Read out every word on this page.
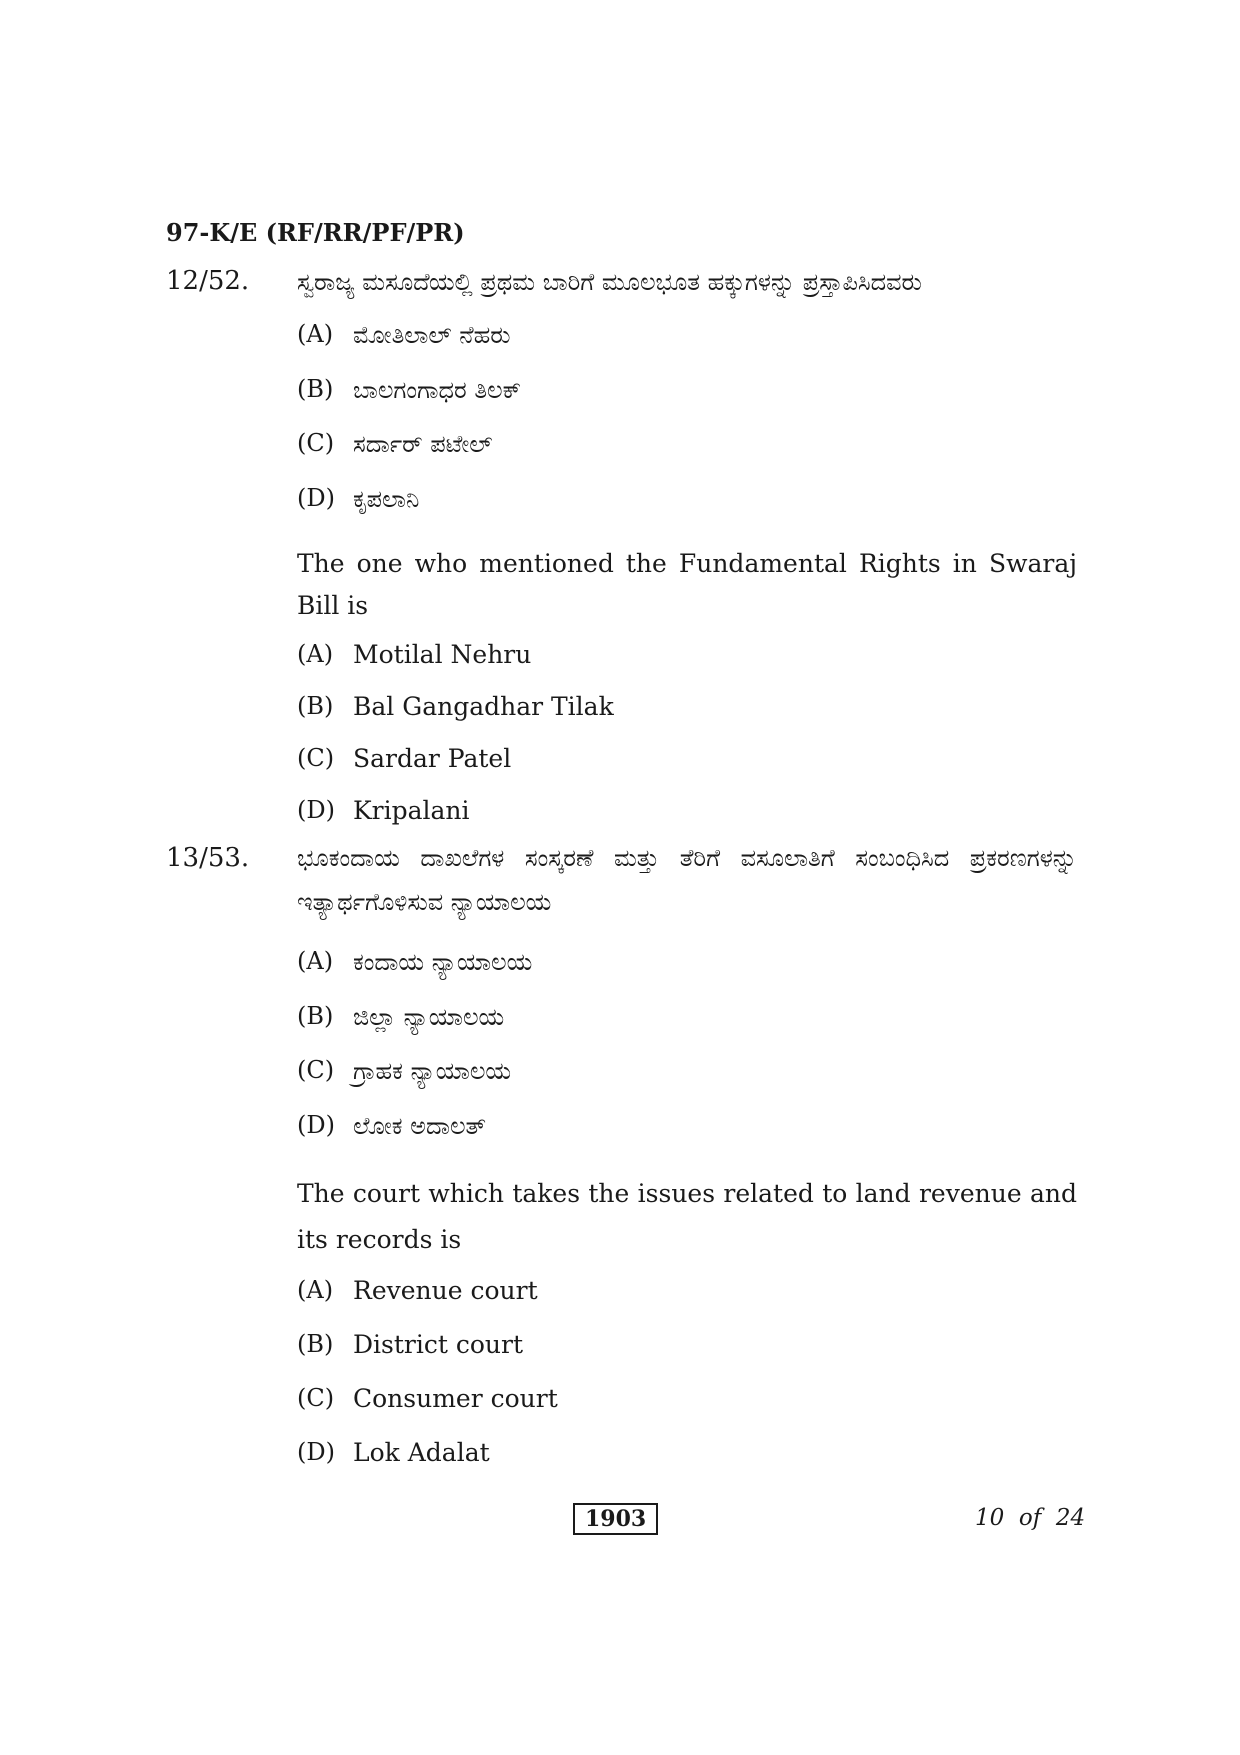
97-K/E (RF/RR/PF/PR)
12/52. ಸ್ವರಾಜ್ಯ ಮಸೂದೆಯಲ್ಲಿ ಪ್ರಥಮ ಬಾರಿಗೆ ಮೂಲಭೂತ ಹಕ್ಕುಗಳನ್ನು ಪ್ರಸ್ತಾಪಿಸಿದವರು
(A) ಮೋತಿಲಾಲ್ ನೆಹರು
(B) ಬಾಲಗಂಗಾಧರ ತಿಲಕ್
(C) ಸರ್ದಾರ್ ಪಟೇಲ್
(D) ಕೃಪಲಾನಿ
The one who mentioned the Fundamental Rights in Swaraj Bill is
(A) Motilal Nehru
(B) Bal Gangadhar Tilak
(C) Sardar Patel
(D) Kripalani
13/53. ಭೂಕಂದಾಯ ದಾಖಲೆಗಳ ಸಂಸ್ಕರಣೆ ಮತ್ತು ತೆರಿಗೆ ವಸೂಲಾತಿಗೆ ಸಂಬಂಧಿಸಿದ ಪ್ರಕರಣಗಳನ್ನು ಇತ್ಯಾರ್ಥಗೊಳಿಸುವ ನ್ಯಾಯಾಲಯ
(A) ಕಂದಾಯ ನ್ಯಾಯಾಲಯ
(B) ಜಿಲ್ಲಾ ನ್ಯಾಯಾಲಯ
(C) ಗ್ರಾಹಕ ನ್ಯಾಯಾಲಯ
(D) ಲೋಕ ಅದಾಲತ್
The court which takes the issues related to land revenue and its records is
(A) Revenue court
(B) District court
(C) Consumer court
(D) Lok Adalat
1903	10  of  24
